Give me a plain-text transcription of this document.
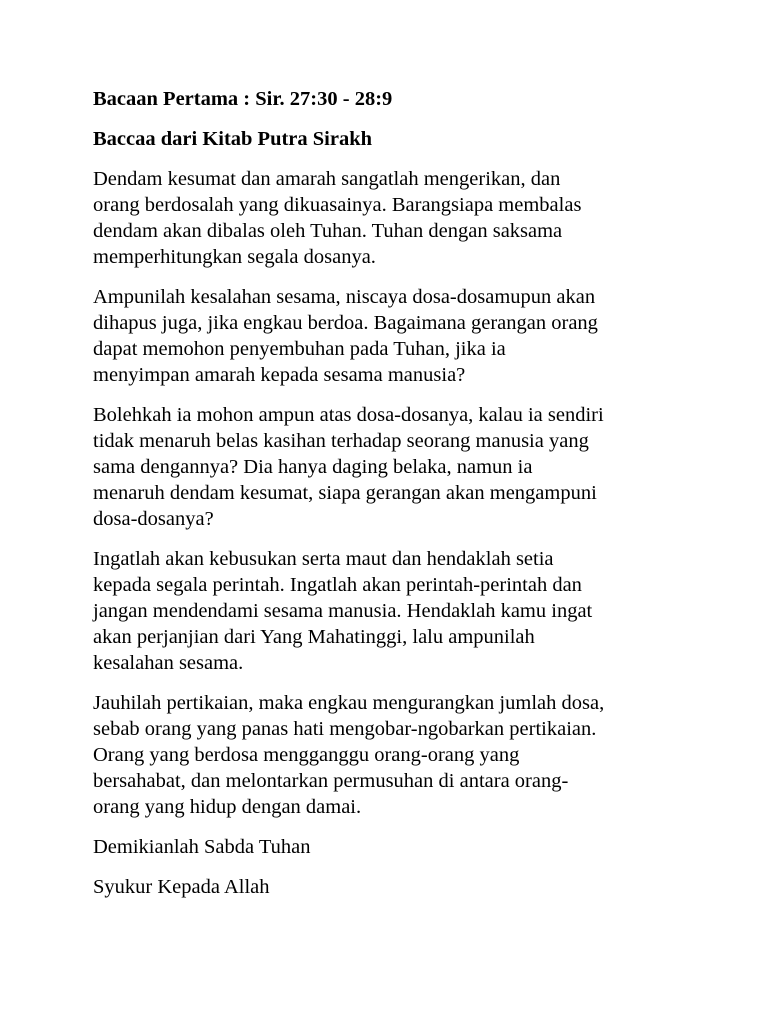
Bacaan Pertama : Sir. 27:30 - 28:9
Baccaa dari Kitab Putra Sirakh
Dendam kesumat dan amarah sangatlah mengerikan, dan
orang berdosalah yang dikuasainya. Barangsiapa membalas
dendam akan dibalas oleh Tuhan. Tuhan dengan saksama
memperhitungkan segala dosanya.
Ampunilah kesalahan sesama, niscaya dosa-dosamupun akan
dihapus juga, jika engkau berdoa. Bagaimana gerangan orang
dapat memohon penyembuhan pada Tuhan, jika ia
menyimpan amarah kepada sesama manusia?
Bolehkah ia mohon ampun atas dosa-dosanya, kalau ia sendiri
tidak menaruh belas kasihan terhadap seorang manusia yang
sama dengannya? Dia hanya daging belaka, namun ia
menaruh dendam kesumat, siapa gerangan akan mengampuni
dosa-dosanya?
Ingatlah akan kebusukan serta maut dan hendaklah setia
kepada segala perintah. Ingatlah akan perintah-perintah dan
jangan mendendami sesama manusia. Hendaklah kamu ingat
akan perjanjian dari Yang Mahatinggi, lalu ampunilah
kesalahan sesama.
Jauhilah pertikaian, maka engkau mengurangkan jumlah dosa,
sebab orang yang panas hati mengobar-ngobarkan pertikaian.
Orang yang berdosa mengganggu orang-orang yang
bersahabat, dan melontarkan permusuhan di antara orang-
orang yang hidup dengan damai.
Demikianlah Sabda Tuhan
Syukur Kepada Allah
